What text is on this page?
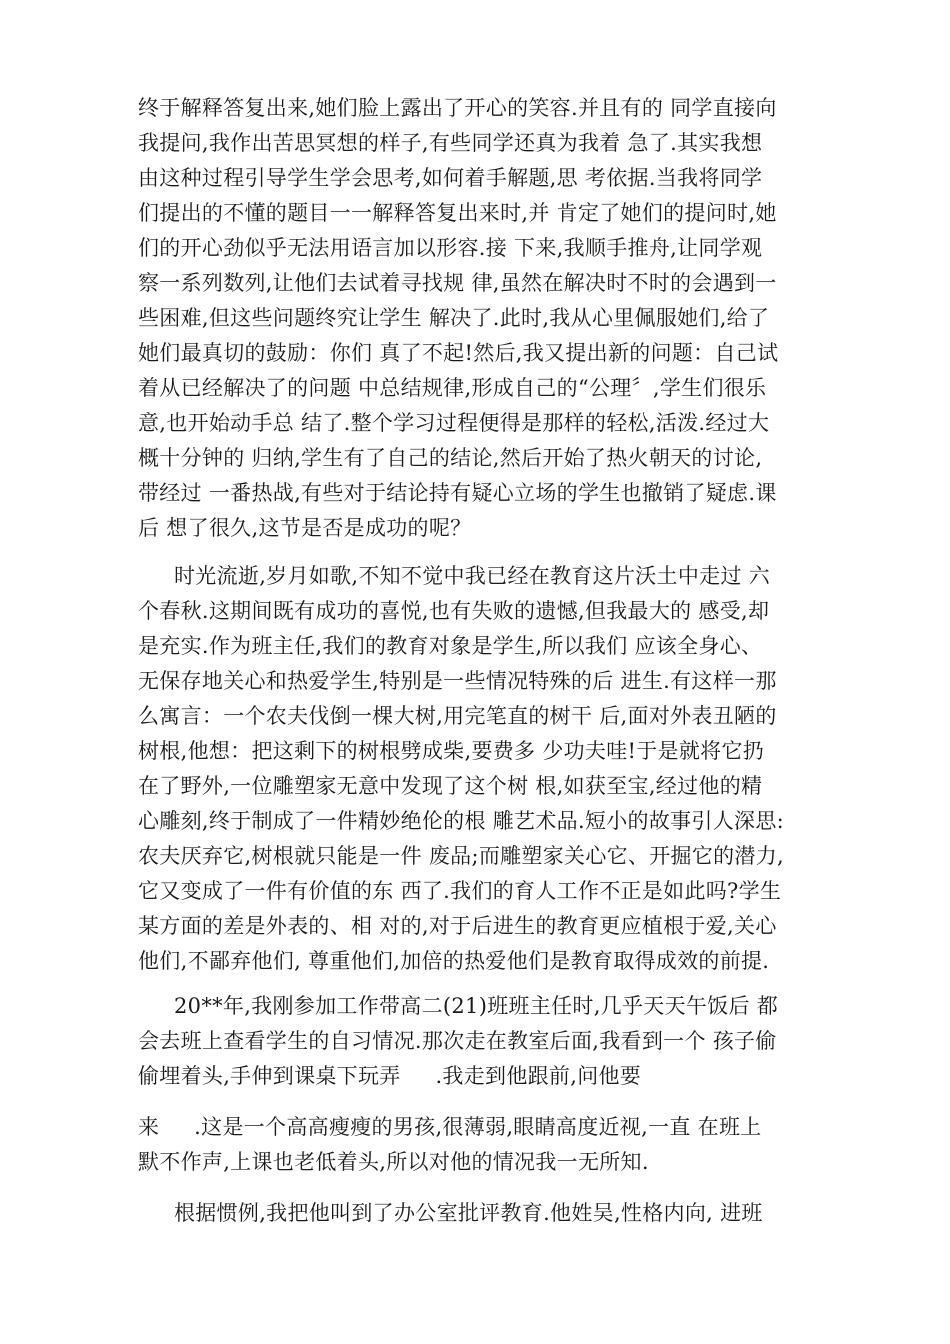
终于解释答复出来,她们脸上露出了开心的笑容.并且有的 同学直接向

我提问,我作出苦思冥想的样子,有些同学还真为我着 急了.其实我想

由这种过程引导学生学会思考,如何着手解题,思 考依据.当我将同学

们提出的不懂的题目一一解释答复出来时,并 肯定了她们的提问时,她

们的开心劲似乎无法用语言加以形容.接 下来,我顺手推舟,让同学观

察一系列数列,让他们去试着寻找规 律,虽然在解决时不时的会遇到一

些困难,但这些问题终究让学生 解决了.此时,我从心里佩服她们,给了

她们最真切的鼓励：你们 真了不起!然后,我又提出新的问题：自己试

着从已经解决了的问题 中总结规律,形成自己的“公理〞,学生们很乐

意,也开始动手总 结了.整个学习过程便得是那样的轻松,活泼.经过大

概十分钟的 归纳,学生有了自己的结论,然后开始了热火朝天的讨论,

带经过 一番热战,有些对于结论持有疑心立场的学生也撤销了疑虑.课

后 想了很久,这节是否是成功的呢？

时光流逝,岁月如歌,不知不觉中我已经在教育这片沃土中走过 六

个春秋.这期间既有成功的喜悦,也有失败的遗憾,但我最大的 感受,却

是充实.作为班主任,我们的教育对象是学生,所以我们 应该全身心、

无保存地关心和热爱学生,特别是一些情况特殊的后 进生.有这样一那

么寓言：一个农夫伐倒一棵大树,用完笔直的树干 后,面对外表丑陋的

树根,他想：把这剩下的树根劈成柴,要费多 少功夫哇!于是就将它扔

在了野外,一位雕塑家无意中发现了这个树 根,如获至宝,经过他的精

心雕刻,终于制成了一件精妙绝伦的根 雕艺术品.短小的故事引人深思:

农夫厌弃它,树根就只能是一件 废品;而雕塑家关心它、开掘它的潜力,

它又变成了一件有价值的东 西了.我们的育人工作不正是如此吗?学生

某方面的差是外表的、相 对的,对于后进生的教育更应植根于爱,关心

他们,不鄙弃他们, 尊重他们,加倍的热爱他们是教育取得成效的前提.

20**年,我刚参加工作带高二(21)班班主任时,几乎天天午饭后 都

会去班上查看学生的自习情况.那次走在教室后面,我看到一个 孩子偷

偷埋着头,手伸到课桌下玩弄     .我走到他跟前,问他要

来     .这是一个高高瘦瘦的男孩,很薄弱,眼睛高度近视,一直 在班上

默不作声,上课也老低着头,所以对他的情况我一无所知.

根据惯例,我把他叫到了办公室批评教育.他姓吴,性格内向, 进班
